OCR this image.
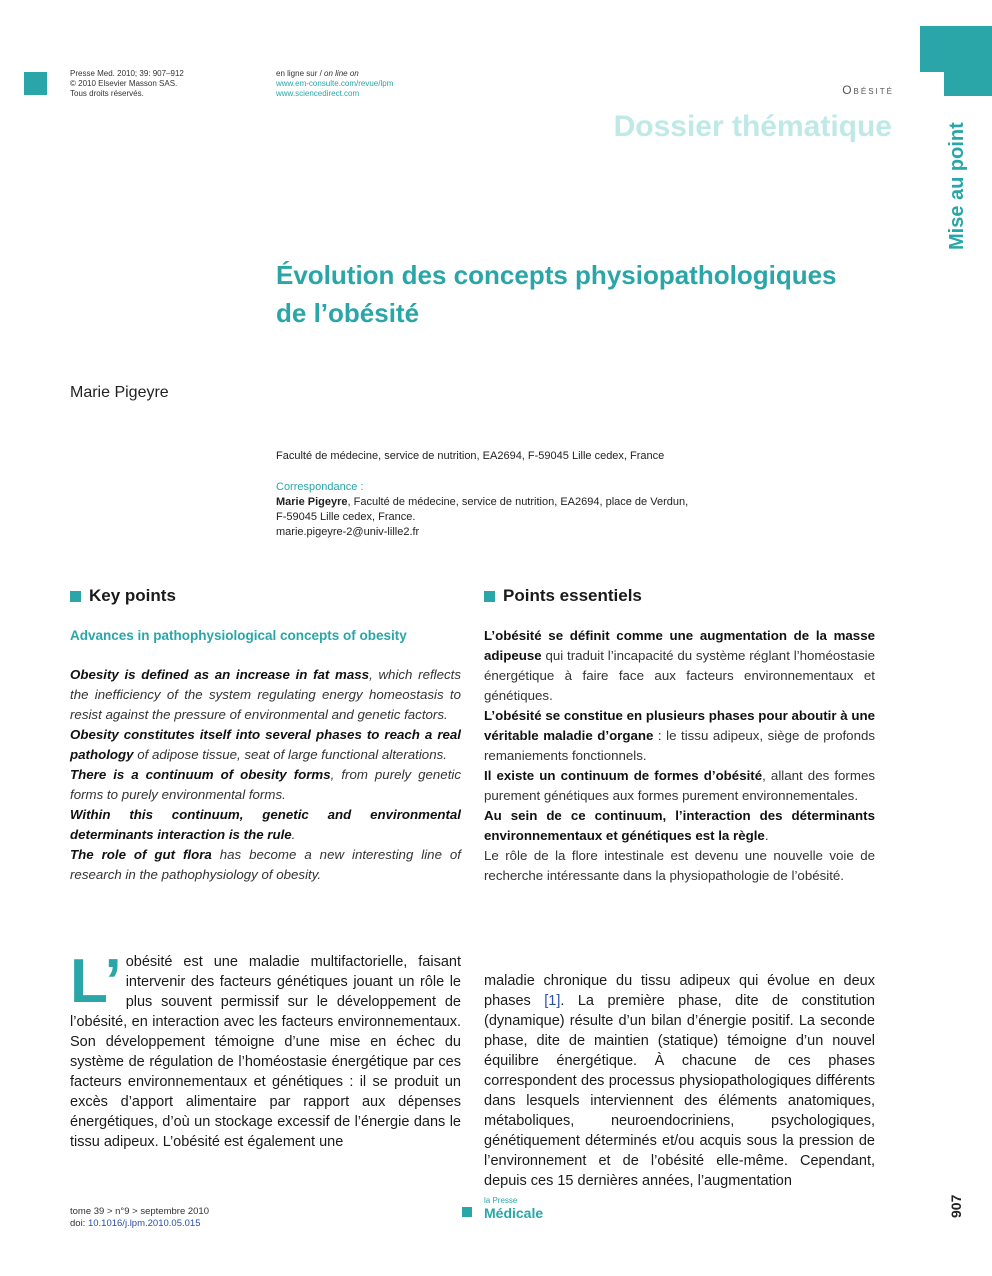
Presse Med. 2010; 39: 907–912
© 2010 Elsevier Masson SAS.
Tous droits réservés.
en ligne sur / on line on
www.em-consulte.com/revue/lpm
www.sciencedirect.com	Obésité
Dossier thématique	Mise au point
Évolution des concepts physiopathologiques
de l’obésité
Marie Pigeyre
Faculté de médecine, service de nutrition, EA2694, F-59045 Lille cedex, France
Correspondance :
Marie Pigeyre, Faculté de médecine, service de nutrition, EA2694, place de Verdun,
F-59045 Lille cedex, France.
marie.pigeyre-2@univ-lille2.fr
Key points
Advances in pathophysiological concepts of obesity

Obesity is defined as an increase in fat mass, which reflects the inefficiency of the system regulating energy homeostasis to resist against the pressure of environmental and genetic factors.

Obesity constitutes itself into several phases to reach a real pathology of adipose tissue, seat of large functional alterations.

There is a continuum of obesity forms, from purely genetic forms to purely environmental forms.

Within this continuum, genetic and environmental determinants interaction is the rule.

The role of gut flora has become a new interesting line of research in the pathophysiology of obesity.

Points essentiels

L’obésité se définit comme une augmentation de la masse adipeuse qui traduit l’incapacité du système réglant l’homéostasie énergétique à faire face aux facteurs environnementaux et génétiques.

L’obésité se constitue en plusieurs phases pour aboutir à une véritable maladie d’organe : le tissu adipeux, siège de profonds remaniements fonctionnels.

Il existe un continuum de formes d’obésité, allant des formes purement génétiques aux formes purement environnementales.

Au sein de ce continuum, l’interaction des déterminants environnementaux et génétiques est la règle.

Le rôle de la flore intestinale est devenu une nouvelle voie de recherche intéressante dans la physiopathologie de l’obésité.

L’ obésité est une maladie multifactorielle, faisant intervenir des facteurs génétiques jouant un rôle le plus souvent permissif sur le développement de l’obésité, en interaction avec les facteurs environnementaux. Son développement témoigne d’une mise en échec du système de régulation de l’homéostasie énergétique par ces facteurs environnementaux et génétiques : il se produit un excès d’apport alimentaire par rapport aux dépenses énergétiques, d’où un stockage excessif de l’énergie dans le tissu adipeux. L’obésité est également une
maladie chronique du tissu adipeux qui évolue en deux phases [1]. La première phase, dite de constitution (dynamique) résulte d’un bilan d’énergie positif. La seconde phase, dite de maintien (statique) témoigne d’un nouvel équilibre énergétique. À chacune de ces phases correspondent des processus physiopathologiques différents dans lesquels interviennent des éléments anatomiques, métaboliques, neuroendocriniens, psychologiques, génétiquement déterminés et/ou acquis sous la pression de l’environnement et de l’obésité elle-même. Cependant, depuis ces 15 dernières années, l’augmentation
tome 39 > n°9 > septembre 2010
doi: 10.1016/j.lpm.2010.05.015
la Presse
Médicale	907
